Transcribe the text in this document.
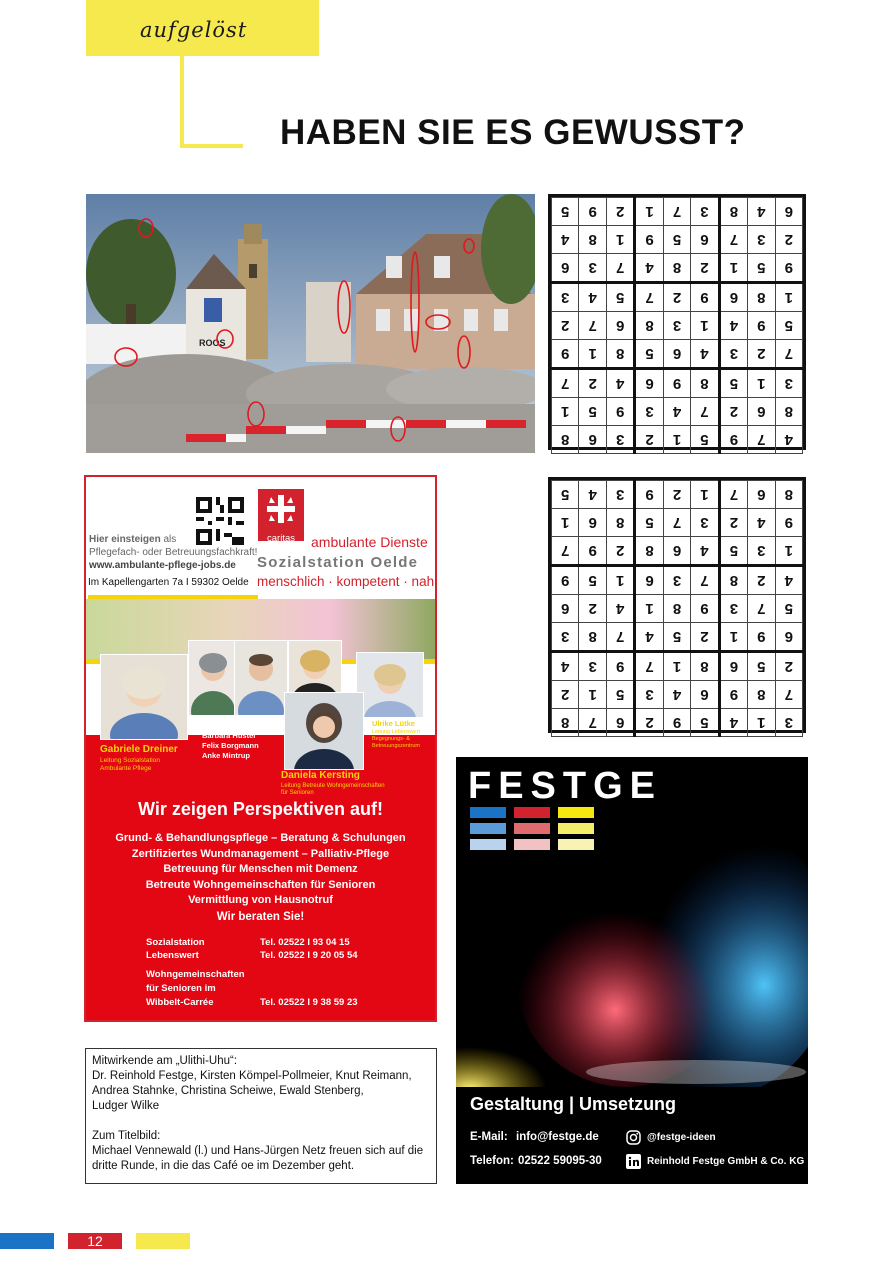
aufgelöst
HABEN SIE ES GEWUSST?
ROOS
4	7	9	5	1	2	3	6	8
8	6	2	7	4	3	9	5	1
3	1	5	8	9	6	4	2	7
7	2	3	4	6	5	8	1	9
5	9	4	1	3	8	6	7	2
1	8	6	9	2	7	5	4	3
9	5	1	2	8	4	7	3	6
2	3	7	6	5	9	1	8	4
6	4	8	3	7	1	2	9	5
3	1	4	5	9	2	6	7	8
7	8	9	6	4	3	5	1	2
2	5	6	8	1	7	9	3	4
6	9	1	2	5	4	7	8	3
5	7	3	9	8	1	4	2	6
4	2	8	7	3	6	1	5	9
1	3	5	4	6	8	2	9	7
9	4	2	3	7	5	8	6	1
8	6	7	1	2	9	3	4	5
Hier einsteigen als
Pflegefach- oder Betreuungsfachkraft!
www.ambulante-pflege-jobs.de
Im Kapellengarten 7a I 59302 Oelde
caritas	ambulante Dienste
Sozialstation Oelde
menschlich · kompetent · nah
Gabriele Dreiner
Leitung Sozialstation
Ambulante Pflege
stv. Leitungen von links:
Barbara Huster
Felix Borgmann
Anke Mintrup
Ulrike Lütke
Leitung Lebenswert
Begegnungs- &
Betreuungszentrum
Daniela Kersting
Leitung Betreute Wohngemeinschaften
für Senioren
Wir zeigen Perspektiven auf!
Grund- & Behandlungspflege – Beratung & Schulungen
Zertifiziertes Wundmanagement – Palliativ-Pflege
Betreuung für Menschen mit Demenz
Betreute Wohngemeinschaften für Senioren
Vermittlung von Hausnotruf
Wir beraten Sie!
Sozialstation	Tel. 02522 I 93 04 15
Lebenswert	Tel. 02522 I 9 20 05 54
Wohngemeinschaften
für Senioren im
Wibbelt-Carrée	Tel. 02522 I 9 38 59 23
Mitwirkende am „Ulithi-Uhu“:
Dr. Reinhold Festge, Kirsten Kömpel-Pollmeier, Knut Reimann,
Andrea Stahnke, Christina Scheiwe, Ewald Stenberg,
Ludger Wilke
Zum Titelbild:
Michael Vennewald (l.) und Hans-Jürgen Netz freuen sich auf die
dritte Runde, in die das Café oe im Dezember geht.
FESTGE
Gestaltung | Umsetzung
E-Mail: info@festge.de
Telefon: 02522 59095-30
@festge-ideen
Reinhold Festge GmbH & Co. KG
12
